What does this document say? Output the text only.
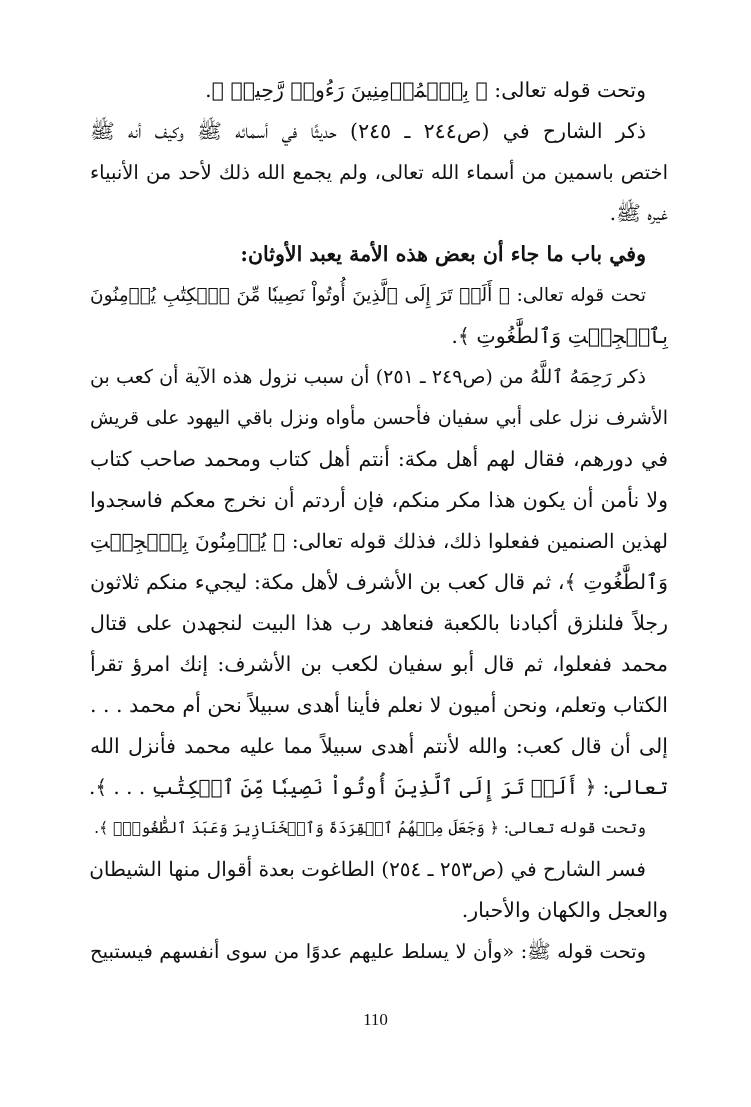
وتحت قوله تعالى: ﴿ بِٱلۡمُؤۡمِنِينَ رَءُوفٞ رَّحِيمٞ ﴾.
ذكر الشارح في (ص٢٤٤ ـ ٢٤٥) حديثًا في أسمائه ﷺ وكيف أنه ﷺ
اختص باسمين من أسماء الله تعالى، ولم يجمع الله ذلك لأحد من الأنبياء
غيره ﷺ.
وفي باب ما جاء أن بعض هذه الأمة يعبد الأوثان:
تحت قوله تعالى: ﴿ أَلَمۡ تَرَ إِلَى ٱلَّذِينَ أُوتُواْ نَصِيبٗا مِّنَ ٱلۡكِتَٰبِ يُؤۡمِنُونَ
بِٱلۡجِبۡتِ وَٱلطَّٰغُوتِ ﴾.
ذكر رَحِمَهُ ٱللَّهُ من (ص٢٤٩ ـ ٢٥١) أن سبب نزول هذه الآية أن كعب بن
الأشرف نزل على أبي سفيان فأحسن مأواه ونزل باقي اليهود على قريش
في دورهم، فقال لهم أهل مكة: أنتم أهل كتاب ومحمد صاحب كتاب
ولا نأمن أن يكون هذا مكر منكم، فإن أردتم أن نخرج معكم فاسجدوا
لهذين الصنمين ففعلوا ذلك، فذلك قوله تعالى: ﴿ يُؤۡمِنُونَ بِٱلۡجِبۡتِ
وَٱلطَّٰغُوتِ ﴾، ثم قال كعب بن الأشرف لأهل مكة: ليجيء منكم ثلاثون
رجلاً فلنلزق أكبادنا بالكعبة فنعاهد رب هذا البيت لنجهدن على قتال
محمد ففعلوا، ثم قال أبو سفيان لكعب بن الأشرف: إنك امرؤ تقرأ
الكتاب وتعلم، ونحن أميون لا نعلم فأينا أهدى سبيلاً نحن أم محمد . . .
إلى أن قال كعب: والله لأنتم أهدى سبيلاً مما عليه محمد فأنزل الله
تعالى: ﴿ أَلَمۡ تَرَ إِلَى ٱلَّذِينَ أُوتُواْ نَصِيبٗا مِّنَ ٱلۡكِتَٰبِ . . . ﴾.
وتحت قوله تعالى: ﴿ وَجَعَلَ مِنۡهُمُ ٱلۡقِرَدَةَ وَٱلۡخَنَازِيرَ وَعَبَدَ ٱلطَّٰغُوتَۚ ﴾.
فسر الشارح في (ص٢٥٣ ـ ٢٥٤) الطاغوت بعدة أقوال منها الشيطان
والعجل والكهان والأحبار.
وتحت قوله ﷺ: «وأن لا يسلط عليهم عدوًا من سوى أنفسهم فيستبيح
110
